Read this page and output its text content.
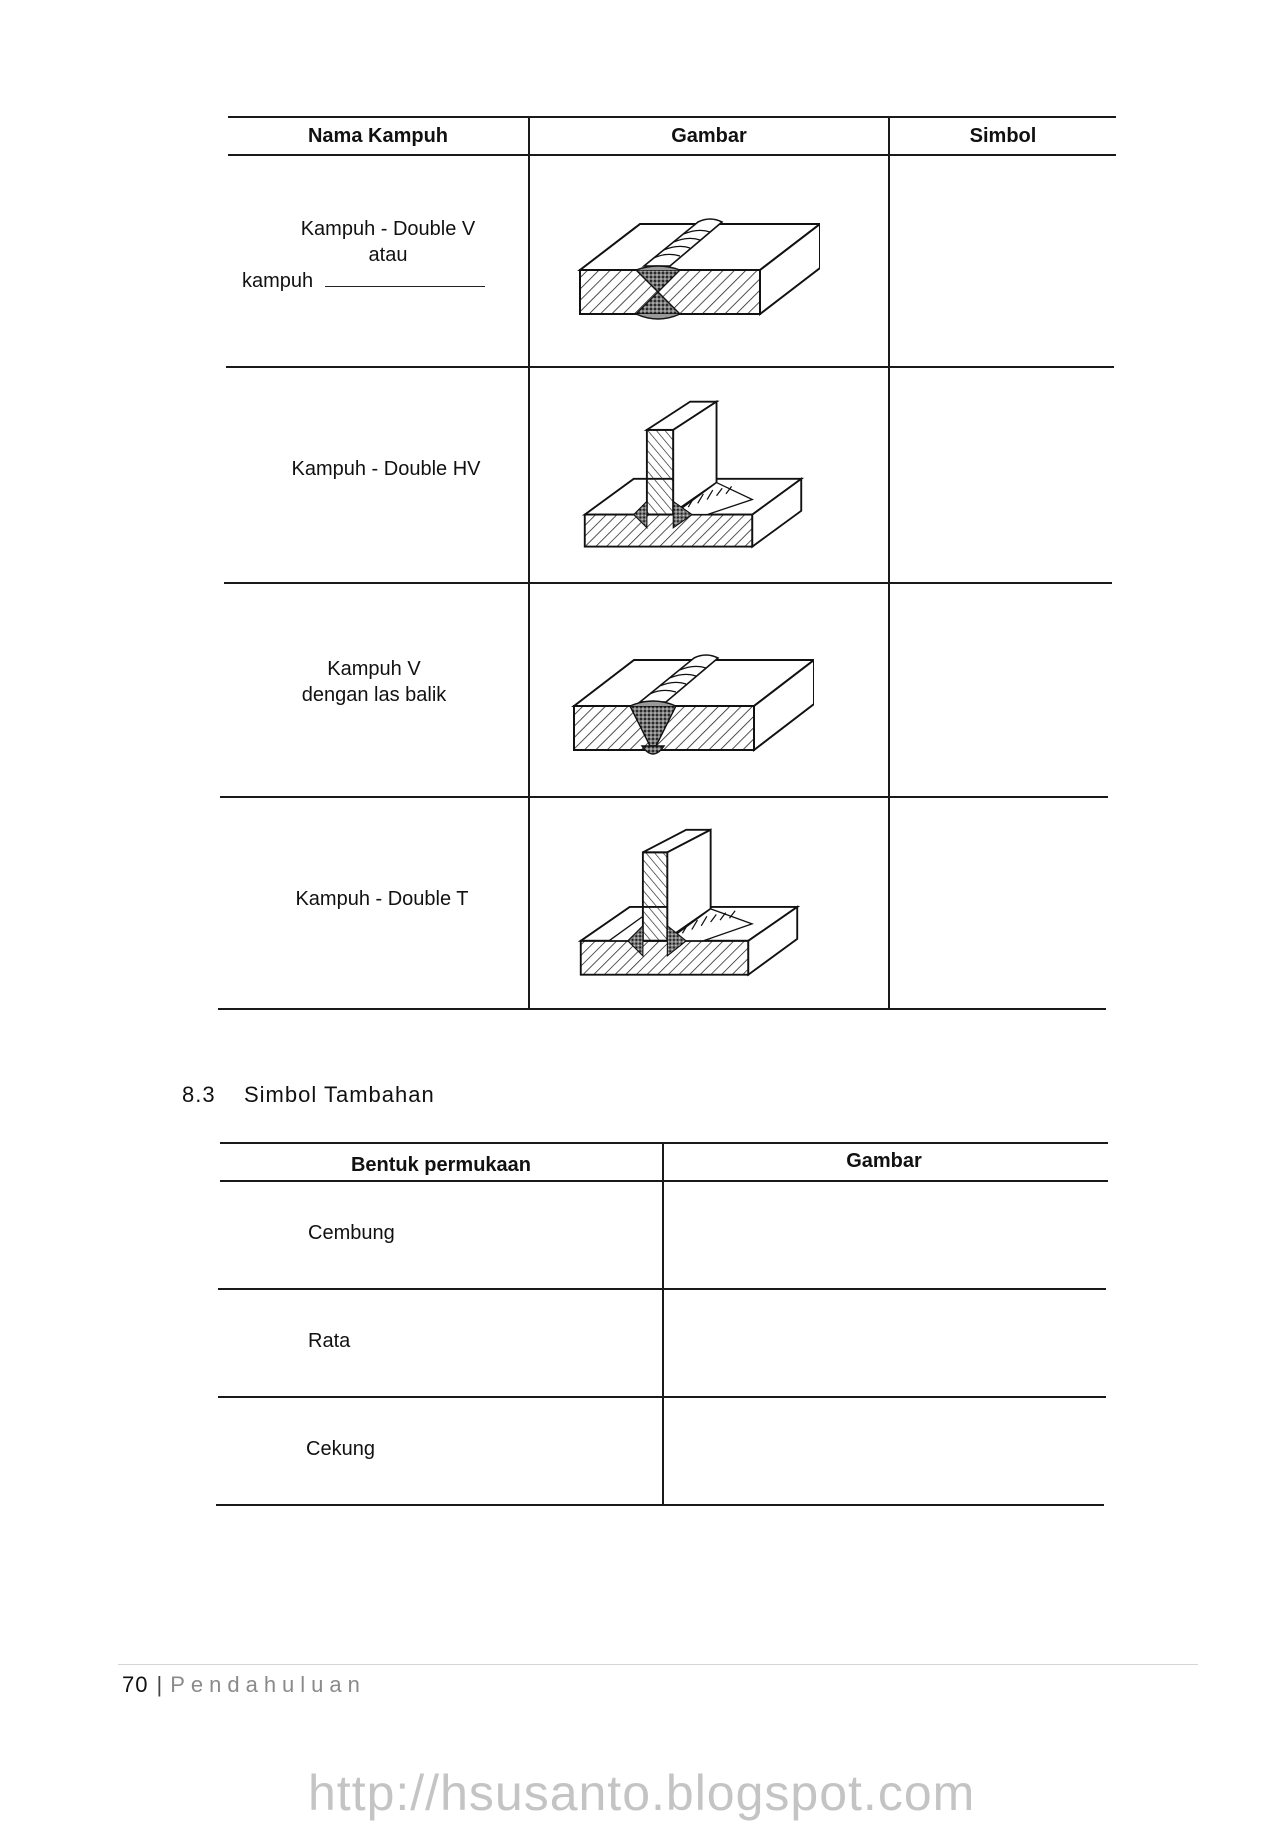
Nama Kampuh	Gambar	Simbol
Kampuh - Double V
atau
kampuh
Kampuh - Double HV
Kampuh V
dengan las balik
Kampuh - Double T
8.3 Simbol Tambahan
Bentuk permukaan	Gambar
Cembung
Rata
Cekung
70 | Pendahuluan
http://hsusanto.blogspot.com
